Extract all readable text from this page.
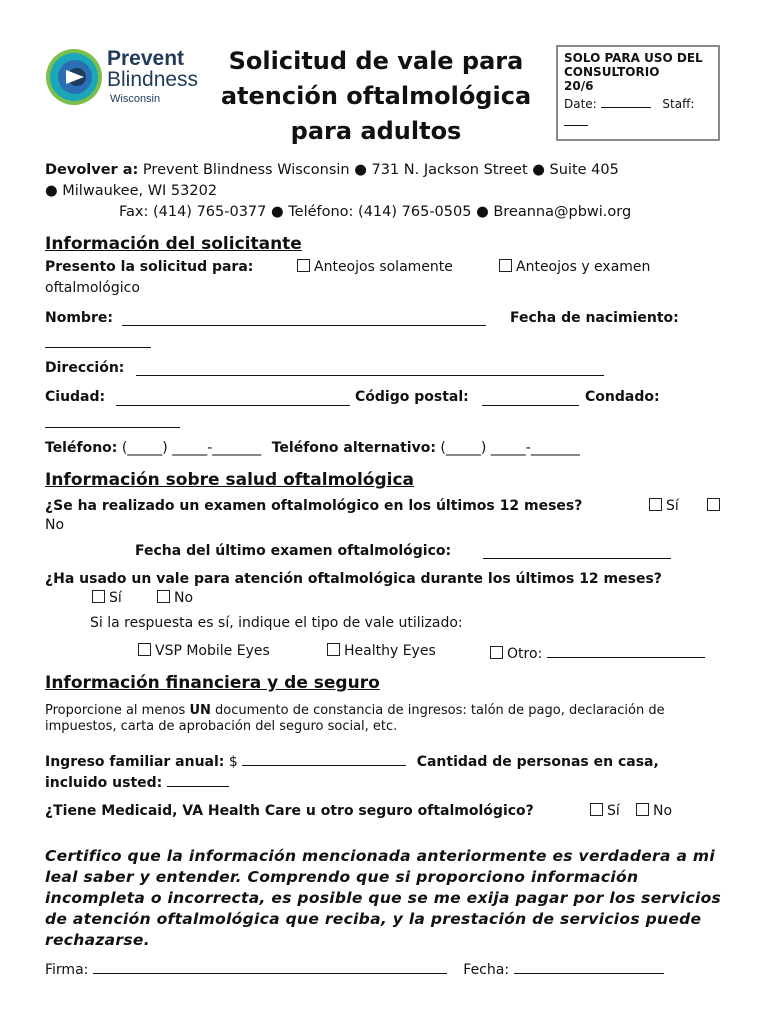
Prevent
Blindness
Wisconsin
Solicitud de vale para
atención oftalmológica
para adultos
SOLO PARA USO DEL CONSULTORIO
20/6
Date:	Staff:
Devolver a: Prevent Blindness Wisconsin ● 731 N. Jackson Street ● Suite 405
● Milwaukee, WI 53202
Fax: (414) 765-0377 ● Teléfono: (414) 765-0505 ● Breanna@pbwi.org
Información del solicitante
Presento la solicitud para:	Anteojos solamente	Anteojos y examen
oftalmológico
Nombre:	Fecha de nacimiento:
Dirección:
Ciudad:	Código postal:	Condado:
Teléfono: (_____) _____-_______ Teléfono alternativo: (_____) _____-_______
Información sobre salud oftalmológica
¿Se ha realizado un examen oftalmológico en los últimos 12 meses?	Sí
No
Fecha del último examen oftalmológico:
¿Ha usado un vale para atención oftalmológica durante los últimos 12 meses?
Sí	No
Si la respuesta es sí, indique el tipo de vale utilizado:
VSP Mobile Eyes	Healthy Eyes	Otro:
Información financiera y de seguro
Proporcione al menos UN documento de constancia de ingresos: talón de pago, declaración de
impuestos, carta de aprobación del seguro social, etc.
Ingreso familiar anual: $	Cantidad de personas en casa,
incluido usted:
¿Tiene Medicaid, VA Health Care u otro seguro oftalmológico?	Sí	No
Certifico que la información mencionada anteriormente es verdadera a mi leal saber y entender. Comprendo que si proporciono información incompleta o incorrecta, es posible que se me exija pagar por los servicios de atención oftalmológica que reciba, y la prestación de servicios puede rechazarse.
Firma:	Fecha:
